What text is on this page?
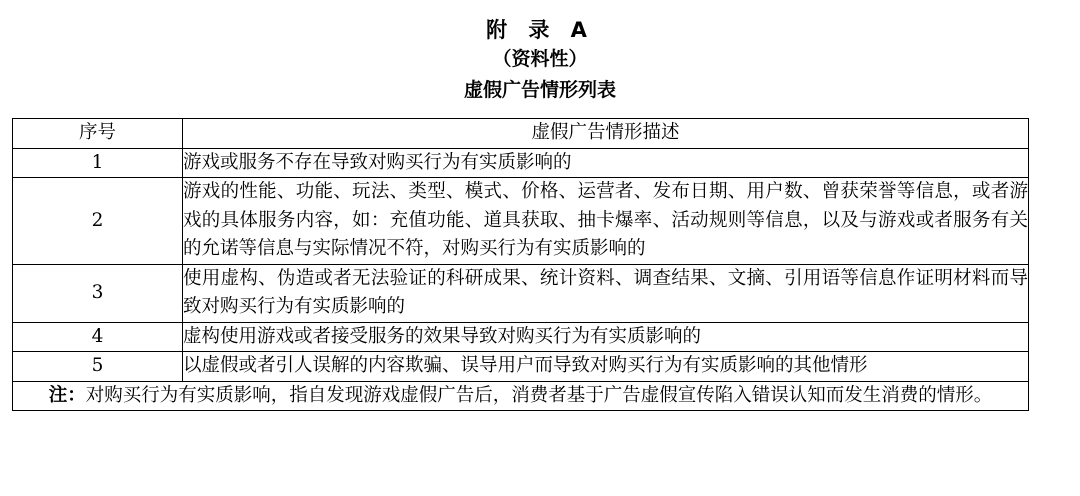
附 录 A
（资料性）
虚假广告情形列表
序号	虚假广告情形描述
1	游戏或服务不存在导致对购买行为有实质影响的
2	游戏的性能、功能、玩法、类型、模式、价格、运营者、发布日期、用户数、曾获荣誉等信息，或者游戏的具体服务内容，如：充值功能、道具获取、抽卡爆率、活动规则等信息，以及与游戏或者服务有关的允诺等信息与实际情况不符，对购买行为有实质影响的
3	使用虚构、伪造或者无法验证的科研成果、统计资料、调查结果、文摘、引用语等信息作证明材料而导致对购买行为有实质影响的
4	虚构使用游戏或者接受服务的效果导致对购买行为有实质影响的
5	以虚假或者引人误解的内容欺骗、误导用户而导致对购买行为有实质影响的其他情形
注：对购买行为有实质影响，指自发现游戏虚假广告后，消费者基于广告虚假宣传陷入错误认知而发生消费的情形。	
